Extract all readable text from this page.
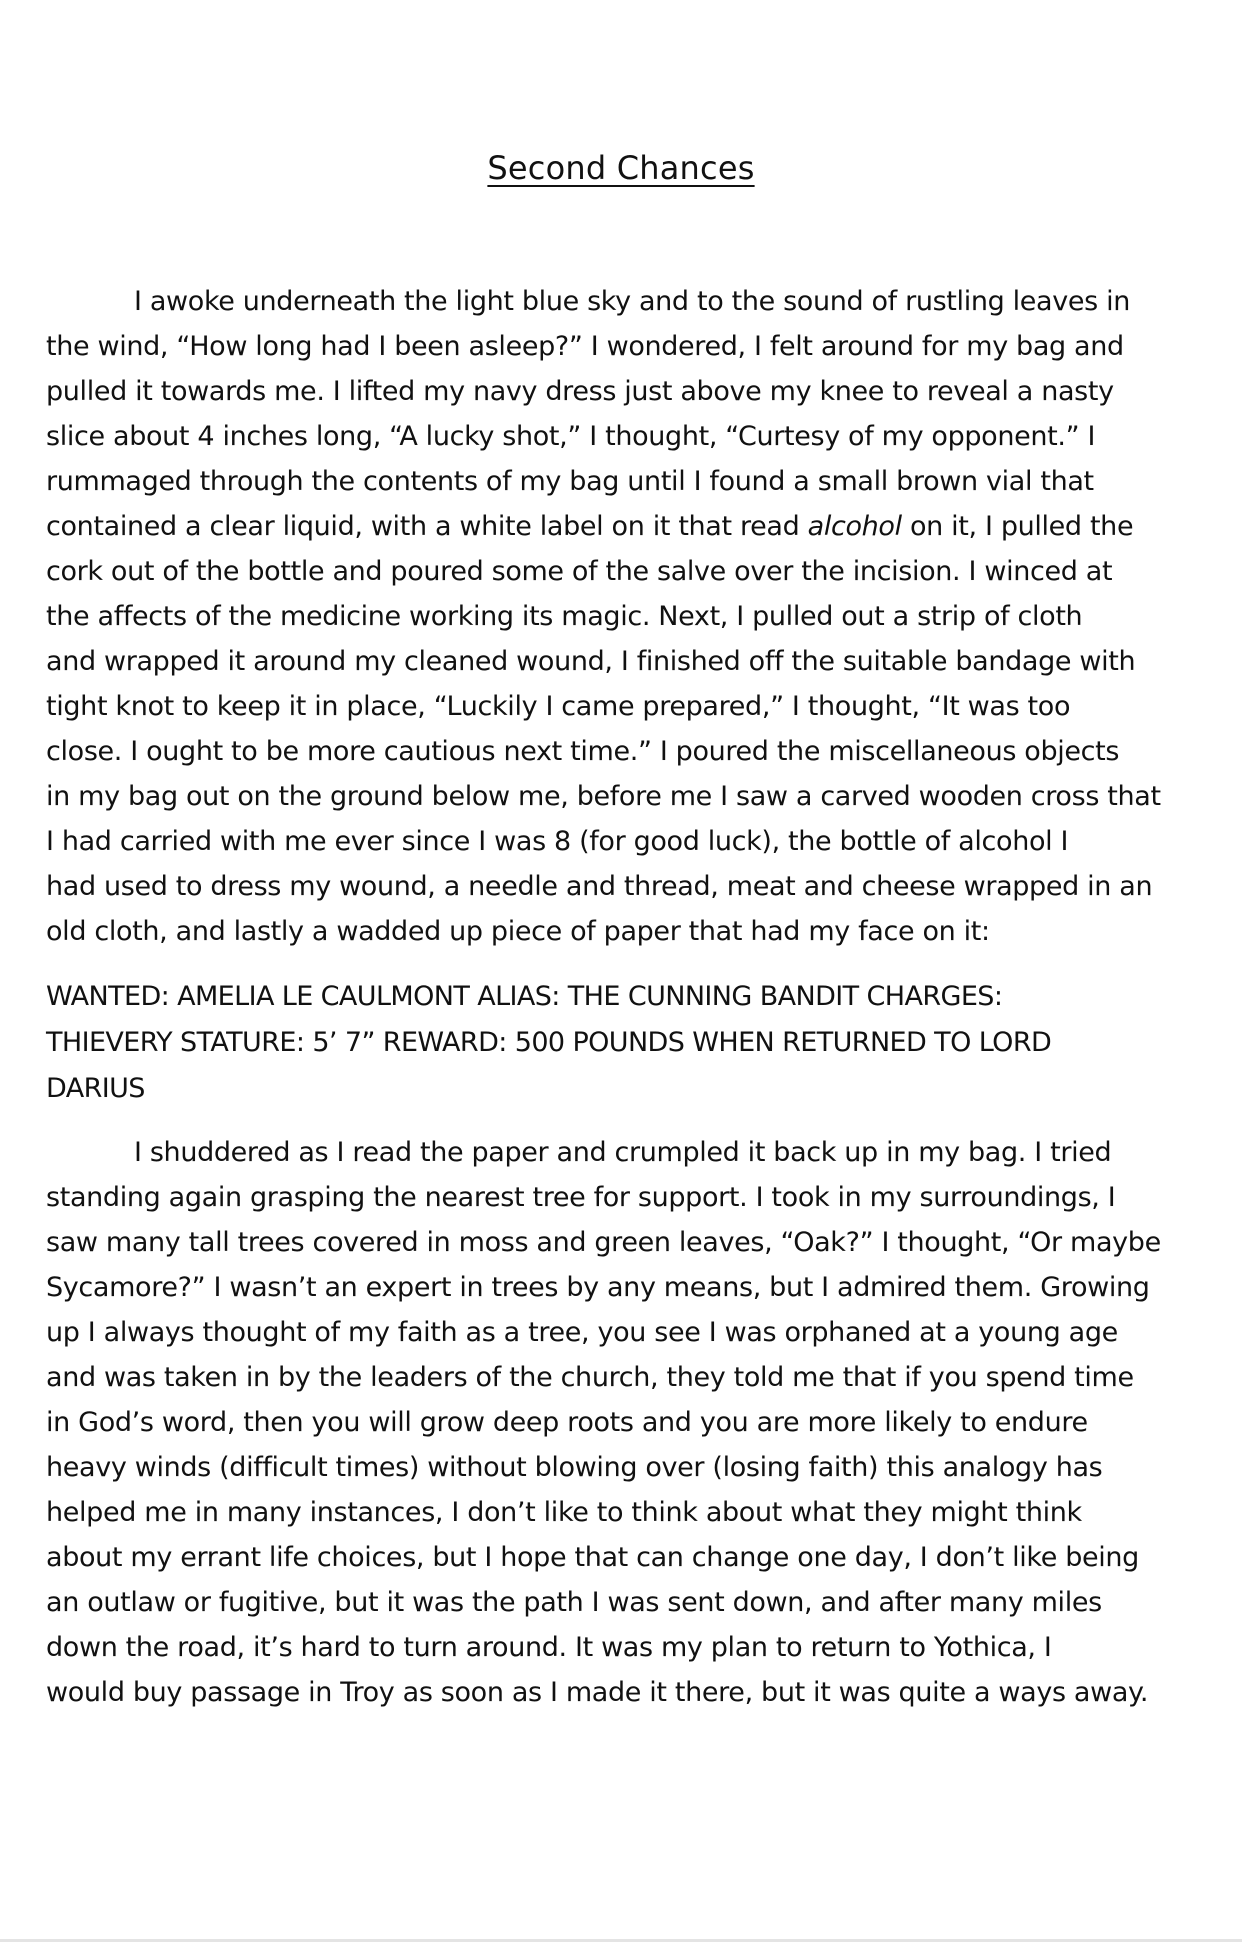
Second Chances
I awoke underneath the light blue sky and to the sound of rustling leaves in
the wind, “How long had I been asleep?” I wondered, I felt around for my bag and
pulled it towards me. I lifted my navy dress just above my knee to reveal a nasty
slice about 4 inches long, “A lucky shot,” I thought, “Curtesy of my opponent.” I
rummaged through the contents of my bag until I found a small brown vial that
contained a clear liquid, with a white label on it that read alcohol on it, I pulled the
cork out of the bottle and poured some of the salve over the incision. I winced at
the affects of the medicine working its magic. Next, I pulled out a strip of cloth
and wrapped it around my cleaned wound, I finished off the suitable bandage with
tight knot to keep it in place, “Luckily I came prepared,” I thought, “It was too
close. I ought to be more cautious next time.” I poured the miscellaneous objects
in my bag out on the ground below me, before me I saw a carved wooden cross that
I had carried with me ever since I was 8 (for good luck), the bottle of alcohol I
had used to dress my wound, a needle and thread, meat and cheese wrapped in an
old cloth, and lastly a wadded up piece of paper that had my face on it:
WANTED: AMELIA LE CAULMONT ALIAS: THE CUNNING BANDIT CHARGES:
THIEVERY STATURE: 5’ 7” REWARD: 500 POUNDS WHEN RETURNED TO LORD
DARIUS
I shuddered as I read the paper and crumpled it back up in my bag. I tried
standing again grasping the nearest tree for support. I took in my surroundings, I
saw many tall trees covered in moss and green leaves, “Oak?” I thought, “Or maybe
Sycamore?” I wasn’t an expert in trees by any means, but I admired them. Growing
up I always thought of my faith as a tree, you see I was orphaned at a young age
and was taken in by the leaders of the church, they told me that if you spend time
in God’s word, then you will grow deep roots and you are more likely to endure
heavy winds (difficult times) without blowing over (losing faith) this analogy has
helped me in many instances, I don’t like to think about what they might think
about my errant life choices, but I hope that can change one day, I don’t like being
an outlaw or fugitive, but it was the path I was sent down, and after many miles
down the road, it’s hard to turn around. It was my plan to return to Yothica, I
would buy passage in Troy as soon as I made it there, but it was quite a ways away.
